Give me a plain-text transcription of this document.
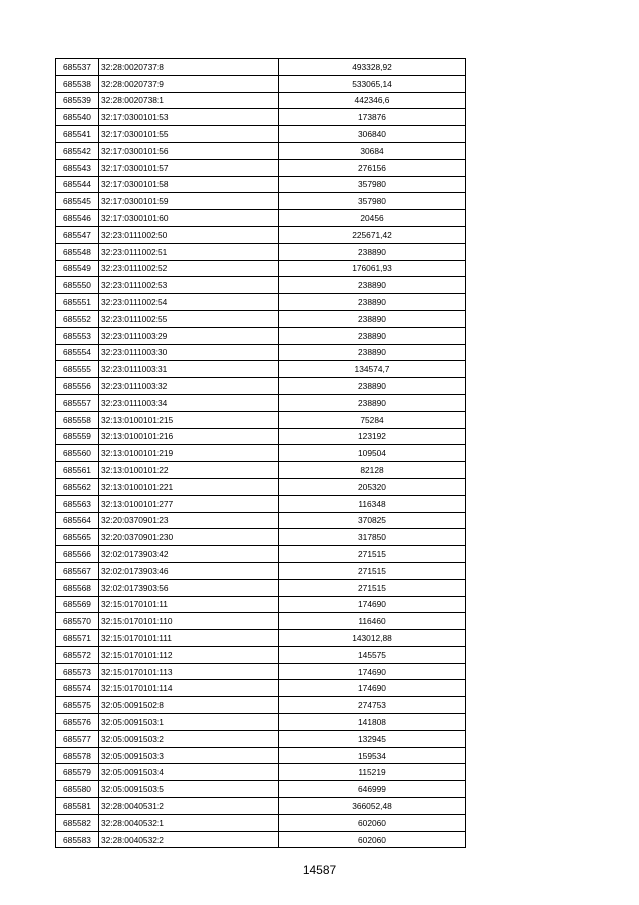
685537	32:28:0020737:8	493328,92
685538	32:28:0020737:9	533065,14
685539	32:28:0020738:1	442346,6
685540	32:17:0300101:53	173876
685541	32:17:0300101:55	306840
685542	32:17:0300101:56	30684
685543	32:17:0300101:57	276156
685544	32:17:0300101:58	357980
685545	32:17:0300101:59	357980
685546	32:17:0300101:60	20456
685547	32:23:0111002:50	225671,42
685548	32:23:0111002:51	238890
685549	32:23:0111002:52	176061,93
685550	32:23:0111002:53	238890
685551	32:23:0111002:54	238890
685552	32:23:0111002:55	238890
685553	32:23:0111003:29	238890
685554	32:23:0111003:30	238890
685555	32:23:0111003:31	134574,7
685556	32:23:0111003:32	238890
685557	32:23:0111003:34	238890
685558	32:13:0100101:215	75284
685559	32:13:0100101:216	123192
685560	32:13:0100101:219	109504
685561	32:13:0100101:22	82128
685562	32:13:0100101:221	205320
685563	32:13:0100101:277	116348
685564	32:20:0370901:23	370825
685565	32:20:0370901:230	317850
685566	32:02:0173903:42	271515
685567	32:02:0173903:46	271515
685568	32:02:0173903:56	271515
685569	32:15:0170101:11	174690
685570	32:15:0170101:110	116460
685571	32:15:0170101:111	143012,88
685572	32:15:0170101:112	145575
685573	32:15:0170101:113	174690
685574	32:15:0170101:114	174690
685575	32:05:0091502:8	274753
685576	32:05:0091503:1	141808
685577	32:05:0091503:2	132945
685578	32:05:0091503:3	159534
685579	32:05:0091503:4	115219
685580	32:05:0091503:5	646999
685581	32:28:0040531:2	366052,48
685582	32:28:0040532:1	602060
685583	32:28:0040532:2	602060
14587
